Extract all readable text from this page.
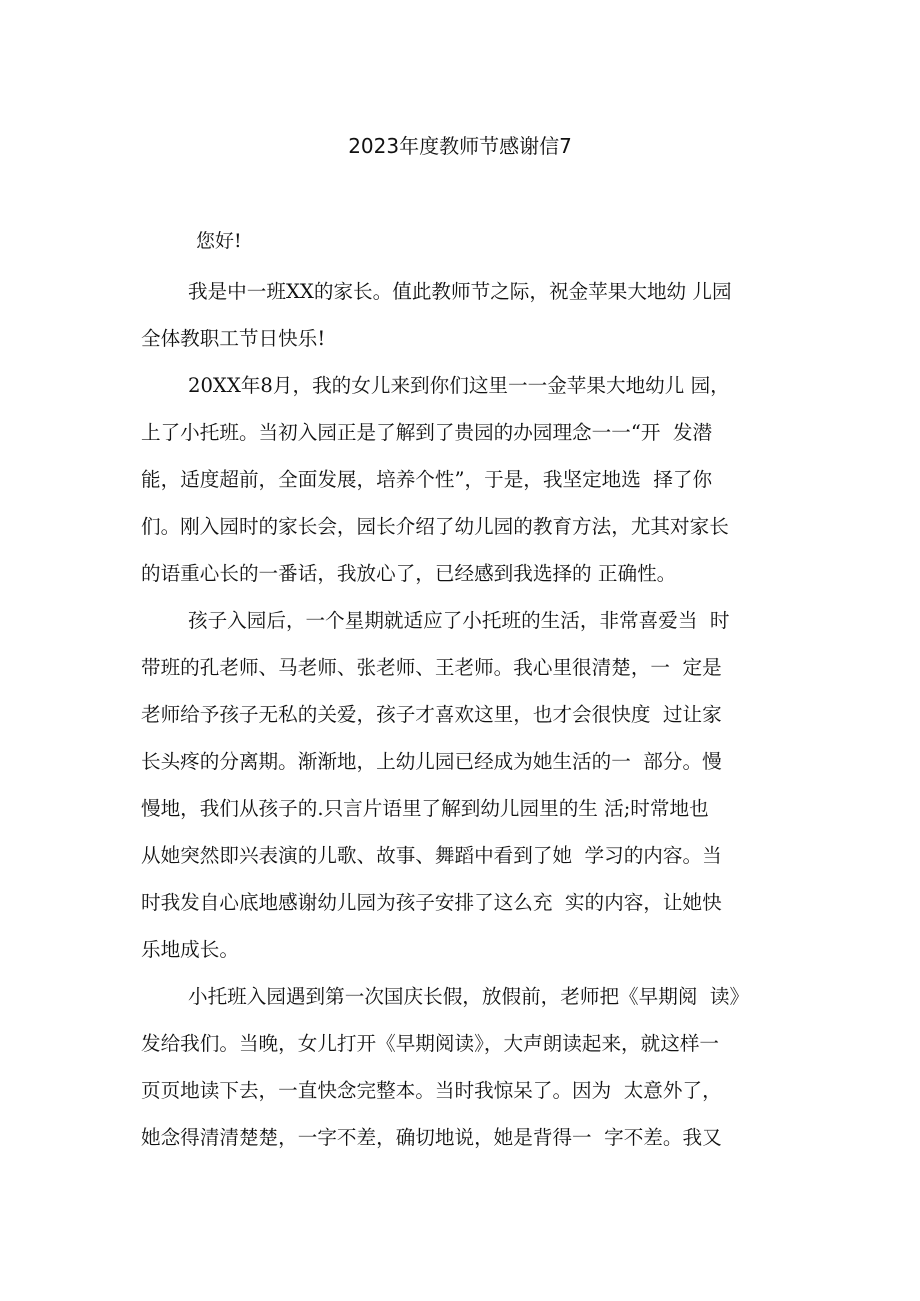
2023年度教师节感谢信7
您好!
我是中一班XX的家长。值此教师节之际，祝金苹果大地幼 儿园
全体教职工节日快乐!
20XX年8月，我的女儿来到你们这里一一金苹果大地幼儿 园，
上了小托班。当初入园正是了解到了贵园的办园理念一一“开  发潜
能，适度超前，全面发展，培养个性”，于是，我坚定地选  择了你
们。刚入园时的家长会，园长介绍了幼儿园的教育方法，尤其对家长
的语重心长的一番话，我放心了，已经感到我选择的 正确性。
孩子入园后，一个星期就适应了小托班的生活，非常喜爱当  时
带班的孔老师、马老师、张老师、王老师。我心里很清楚，一  定是
老师给予孩子无私的关爱，孩子才喜欢这里，也才会很快度  过让家
长头疼的分离期。渐渐地，上幼儿园已经成为她生活的一  部分。慢
慢地，我们从孩子的.只言片语里了解到幼儿园里的生 活;时常地也
从她突然即兴表演的儿歌、故事、舞蹈中看到了她  学习的内容。当
时我发自心底地感谢幼儿园为孩子安排了这么充  实的内容，让她快
乐地成长。
小托班入园遇到第一次国庆长假，放假前，老师把《早期阅  读》
发给我们。当晚，女儿打开《早期阅读》，大声朗读起来，就这样一
页页地读下去，一直快念完整本。当时我惊呆了。因为  太意外了，
她念得清清楚楚，一字不差，确切地说，她是背得一  字不差。我又
